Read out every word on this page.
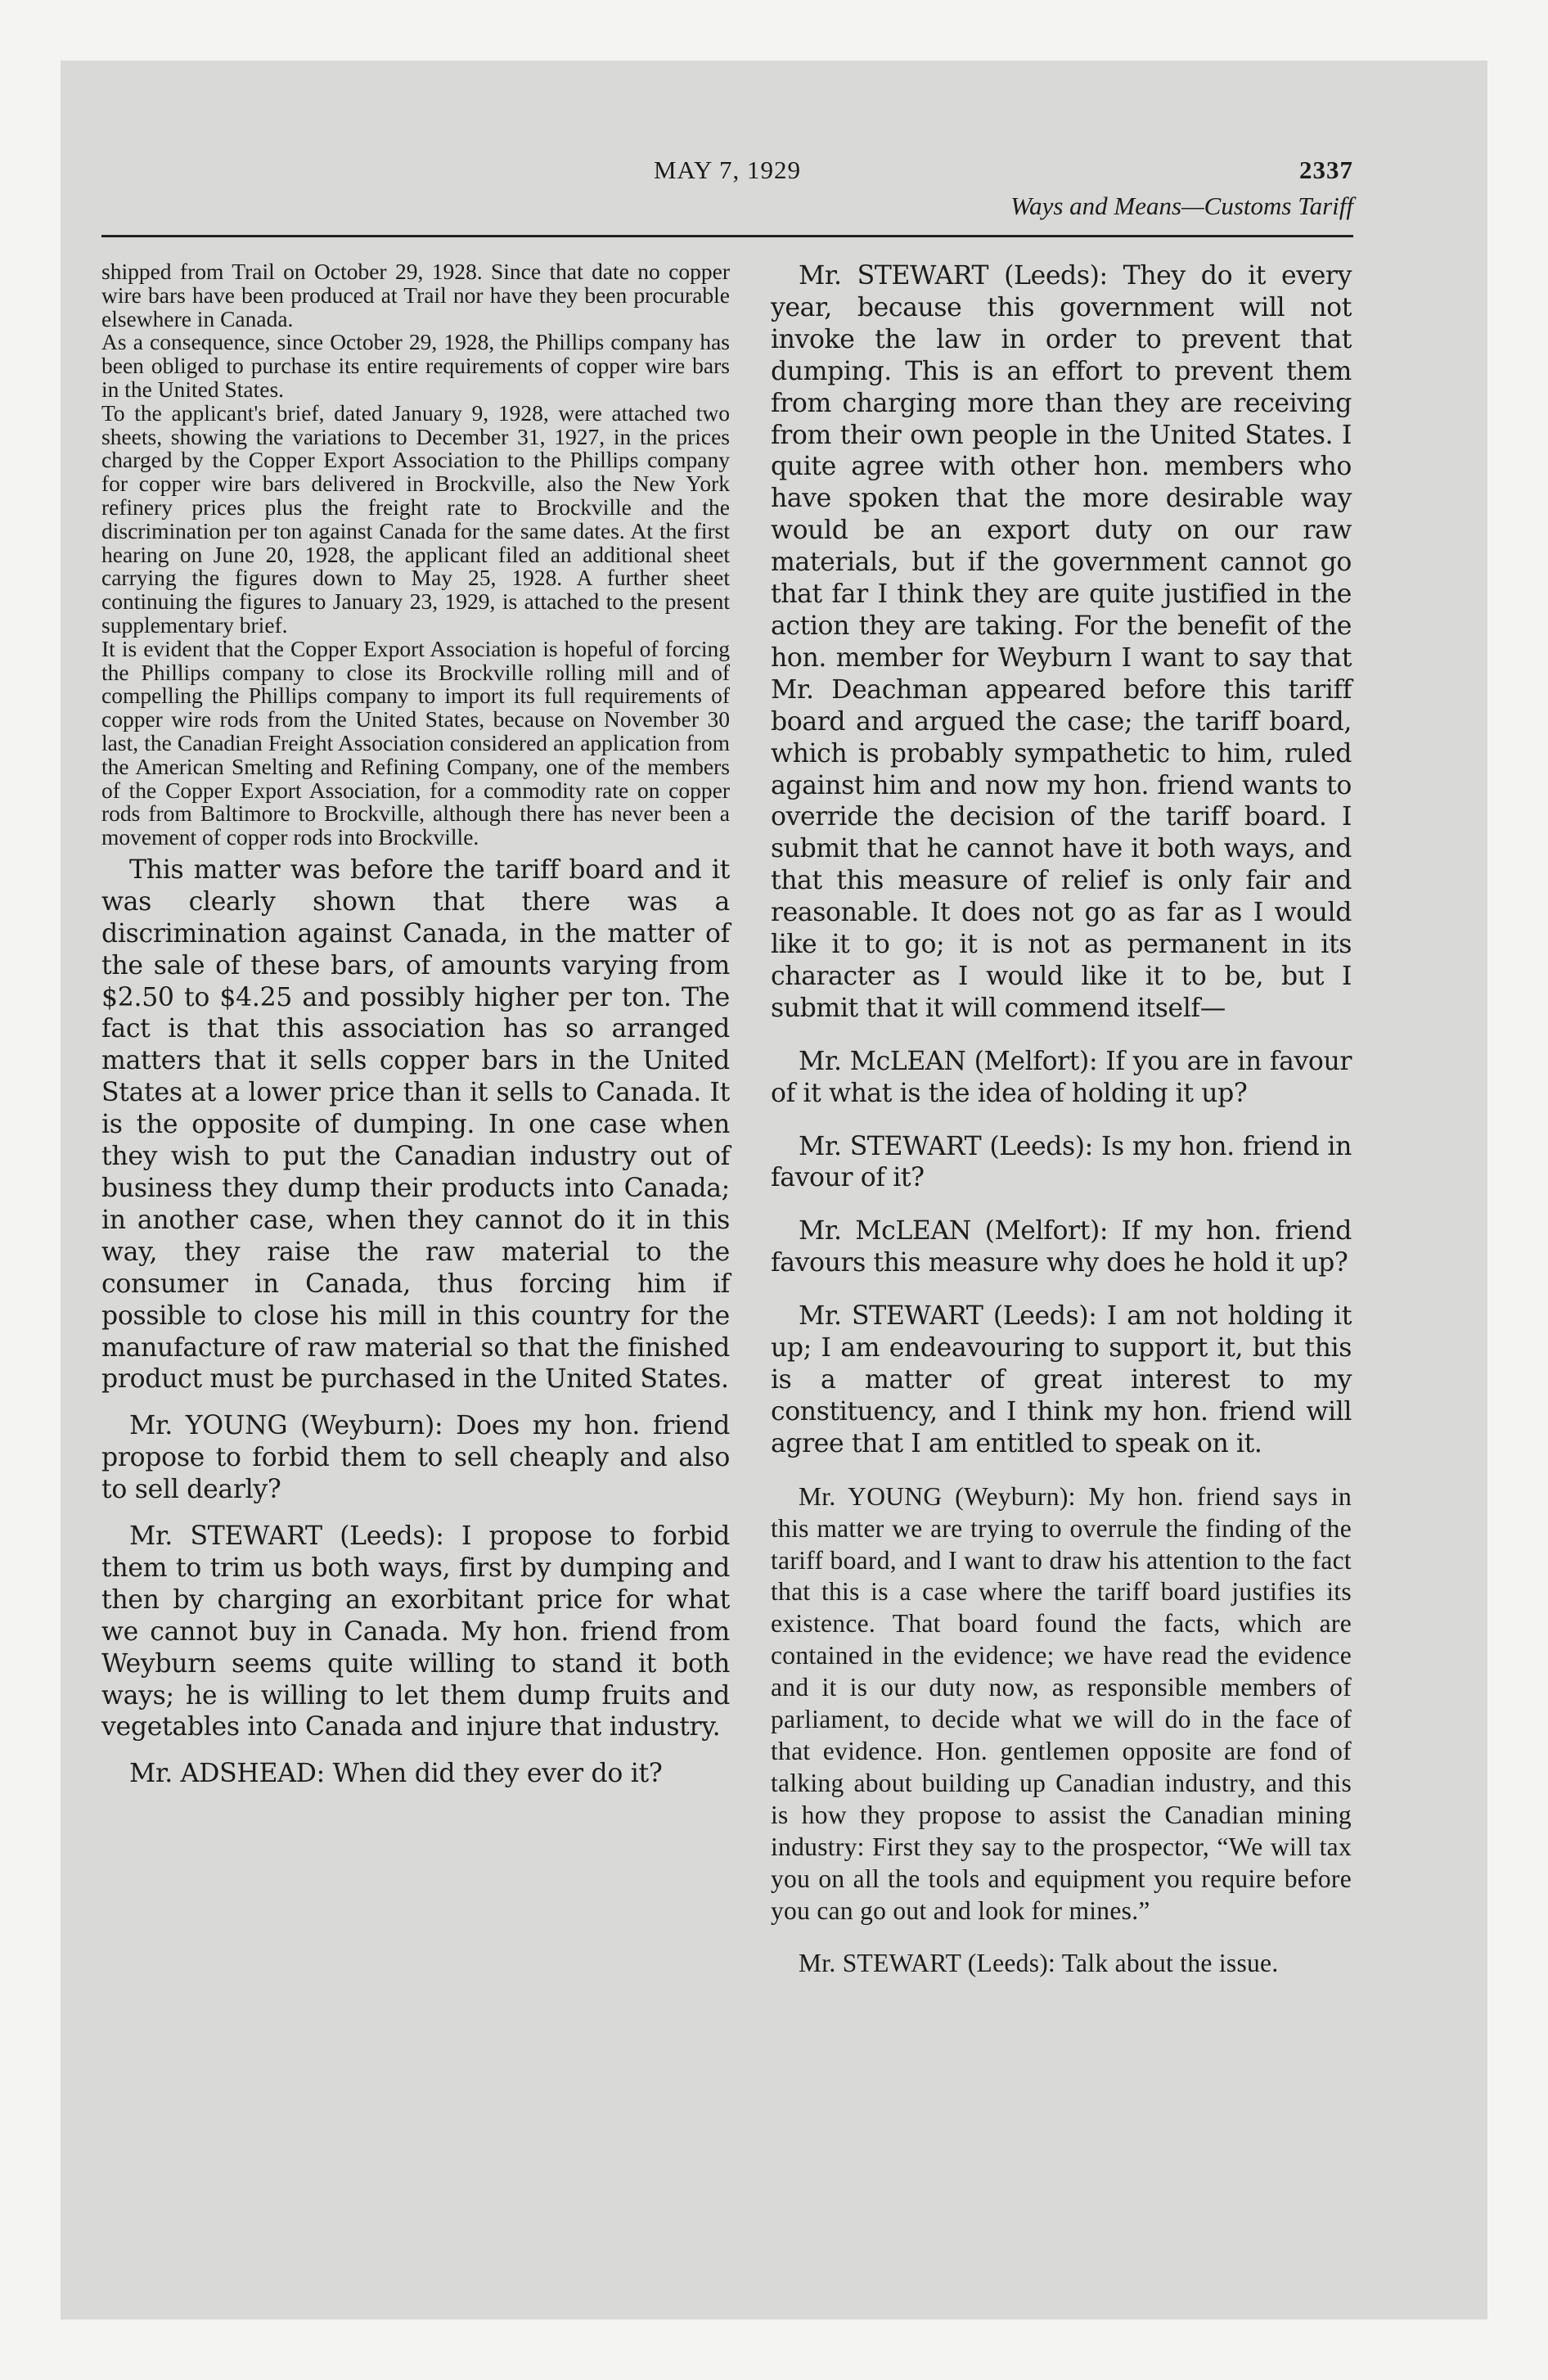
MAY 7, 1929	2337
Ways and Means—Customs Tariff

shipped from Trail on October 29, 1928. Since that date no copper wire bars have been produced at Trail nor have they been procurable elsewhere in Canada.

As a consequence, since October 29, 1928, the Phillips company has been obliged to purchase its entire requirements of copper wire bars in the United States.

To the applicant's brief, dated January 9, 1928, were attached two sheets, showing the variations to December 31, 1927, in the prices charged by the Copper Export Association to the Phillips company for copper wire bars delivered in Brockville, also the New York refinery prices plus the freight rate to Brockville and the discrimination per ton against Canada for the same dates. At the first hearing on June 20, 1928, the applicant filed an additional sheet carrying the figures down to May 25, 1928. A further sheet continuing the figures to January 23, 1929, is attached to the present supplementary brief.

It is evident that the Copper Export Association is hopeful of forcing the Phillips company to close its Brockville rolling mill and of compelling the Phillips company to import its full requirements of copper wire rods from the United States, because on November 30 last, the Canadian Freight Association considered an application from the American Smelting and Refining Company, one of the members of the Copper Export Association, for a commodity rate on copper rods from Baltimore to Brockville, although there has never been a movement of copper rods into Brockville.

This matter was before the tariff board and it was clearly shown that there was a discrimination against Canada, in the matter of the sale of these bars, of amounts varying from $2.50 to $4.25 and possibly higher per ton. The fact is that this association has so arranged matters that it sells copper bars in the United States at a lower price than it sells to Canada. It is the opposite of dumping. In one case when they wish to put the Canadian industry out of business they dump their products into Canada; in another case, when they cannot do it in this way, they raise the raw material to the consumer in Canada, thus forcing him if possible to close his mill in this country for the manufacture of raw material so that the finished product must be purchased in the United States.

Mr. YOUNG (Weyburn): Does my hon. friend propose to forbid them to sell cheaply and also to sell dearly?

Mr. STEWART (Leeds): I propose to forbid them to trim us both ways, first by dumping and then by charging an exorbitant price for what we cannot buy in Canada. My hon. friend from Weyburn seems quite willing to stand it both ways; he is willing to let them dump fruits and vegetables into Canada and injure that industry.

Mr. ADSHEAD: When did they ever do it?

Mr. STEWART (Leeds): They do it every year, because this government will not invoke the law in order to prevent that dumping. This is an effort to prevent them from charging more than they are receiving from their own people in the United States. I quite agree with other hon. members who have spoken that the more desirable way would be an export duty on our raw materials, but if the government cannot go that far I think they are quite justified in the action they are taking. For the benefit of the hon. member for Weyburn I want to say that Mr. Deachman appeared before this tariff board and argued the case; the tariff board, which is probably sympathetic to him, ruled against him and now my hon. friend wants to override the decision of the tariff board. I submit that he cannot have it both ways, and that this measure of relief is only fair and reasonable. It does not go as far as I would like it to go; it is not as permanent in its character as I would like it to be, but I submit that it will commend itself—

Mr. McLEAN (Melfort): If you are in favour of it what is the idea of holding it up?

Mr. STEWART (Leeds): Is my hon. friend in favour of it?

Mr. McLEAN (Melfort): If my hon. friend favours this measure why does he hold it up?

Mr. STEWART (Leeds): I am not holding it up; I am endeavouring to support it, but this is a matter of great interest to my constituency, and I think my hon. friend will agree that I am entitled to speak on it.

Mr. YOUNG (Weyburn): My hon. friend says in this matter we are trying to overrule the finding of the tariff board, and I want to draw his attention to the fact that this is a case where the tariff board justifies its existence. That board found the facts, which are contained in the evidence; we have read the evidence and it is our duty now, as responsible members of parliament, to decide what we will do in the face of that evidence. Hon. gentlemen opposite are fond of talking about building up Canadian industry, and this is how they propose to assist the Canadian mining industry: First they say to the prospector, “We will tax you on all the tools and equipment you require before you can go out and look for mines.”

Mr. STEWART (Leeds): Talk about the issue.
